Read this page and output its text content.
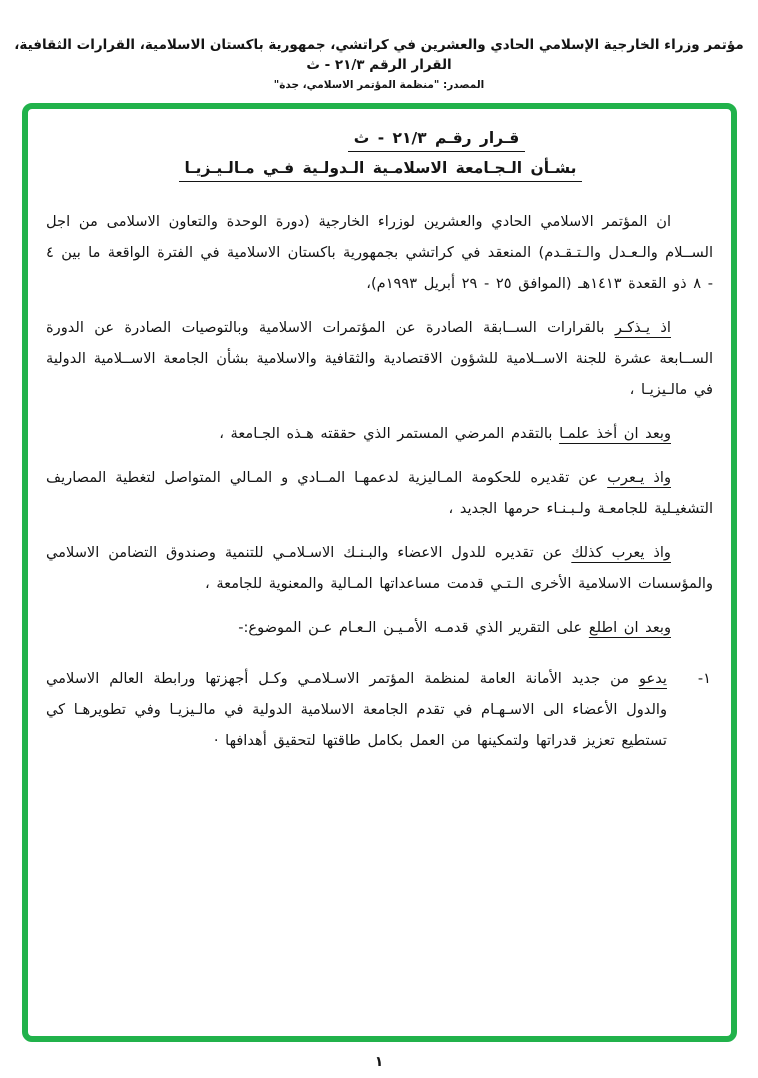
مؤتمر وزراء الخارجية الإسلامي الحادي والعشرين في كراتشي، جمهورية باكستان الاسلامية، القرارات الثقافية، القرار الرقم ٢١/٣ - ث
المصدر: "منظمة المؤتمر الاسلامي، جدة"
قـرار رقـم ٢١/٣ - ث
بشـأن الـجـامعة الاسلامـية الـدولـية فـي مـالـيـزيـا

ان المؤتمر الاسلامي الحادي والعشرين لوزراء الخارجية (دورة الوحدة والتعاون الاسلامى من اجل الســلام والـعـدل والـتـقـدم) المنعقد في كراتشي بجمهورية باكستان الاسلامية في الفترة الواقعة ما بين ٤ - ٨ ذو القعدة ١٤١٣هـ (الموافق ٢٥ - ٢٩ أبريل ١٩٩٣م)،

اذ يـذكـر بالقرارات الســابقة الصادرة عن المؤتمرات الاسلامية وبالتوصيات الصادرة عن الدورة الســابعة عشرة للجنة الاســلامية للشؤون الاقتصادية والثقافية والاسلامية بشأن الجامعة الاســلامية الدولية في مالـيزيـا ،

وبعد ان أخذ علمـا بالتقدم المرضي المستمر الذي حققته هـذه الجـامعة ،

واذ يـعرب عن تقديره للحكومة المـاليزية لدعمهـا المــادي و المـالي المتواصل لتغطية المصاريف التشغيـلية للجامعـة ولـبـنـاء حرمها الجديد ،

واذ يعرب كذلك عن تقديره للدول الاعضاء والبـنـك الاسـلامـي للتنمية وصندوق التضامن الاسلامي والمؤسسات الاسلامية الأخرى الـتـي قدمت مساعداتها المـالية والمعنوية للجامعة ،

وبعد ان اطلع على التقرير الذي قدمـه الأمـيـن الـعـام عـن الموضوع:-

١-

يدعو من جديد الأمانة العامة لمنظمة المؤتمر الاسـلامـي وكـل أجهزتها ورابطة العالم الاسلامي والدول الأعضاء الى الاسـهـام في تقدم الجامعة الاسلامية الدولية في مالـيزيـا وفي تطويرهـا كي تستطيع تعزيز قدراتها ولتمكينها من العمل بكامل طاقتها لتحقيق أهدافها ·

١
